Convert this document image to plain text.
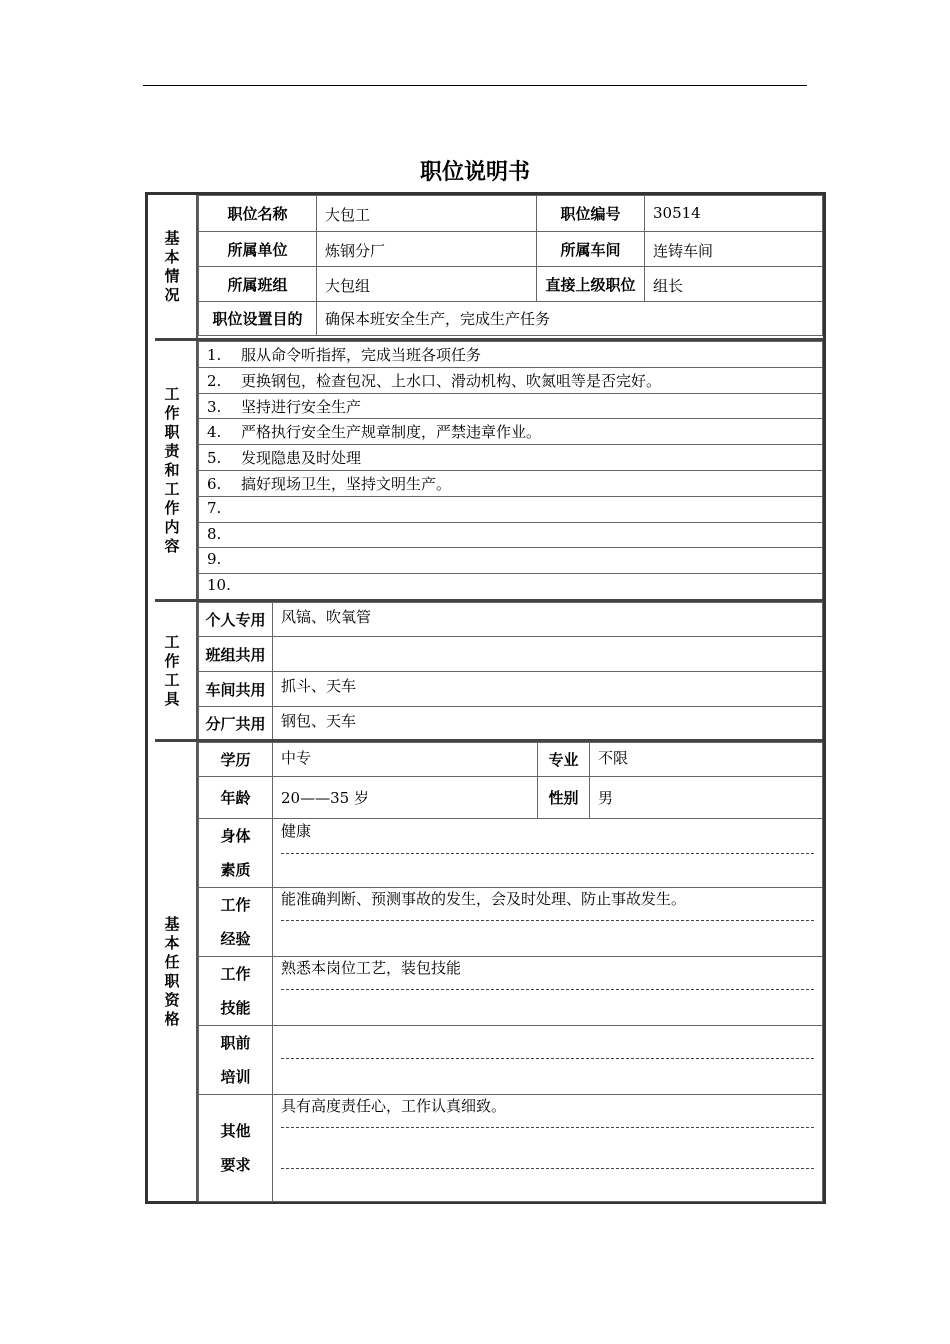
职位说明书
基本情况
职位名称	大包工	职位编号	30514
所属单位	炼钢分厂	所属车间	连铸车间
所属班组	大包组	直接上级职位	组长
职位设置目的	确保本班安全生产，完成生产任务		
工作职责和工作内容
1. 服从命令听指挥，完成当班各项任务
2. 更换钢包，检查包况、上水口、滑动机构、吹氮咀等是否完好。
3. 坚持进行安全生产
4. 严格执行安全生产规章制度，严禁违章作业。
5. 发现隐患及时处理
6. 搞好现场卫生，坚持文明生产。
7.
8.
9.
10.
工作工具
个人专用	风镐、吹氧管
班组共用	
车间共用	抓斗、天车
分厂共用	钢包、天车
基本 任职资格
学历	中专	专业	不限
年龄	20——35 岁	性别	男

身体
素质	健康		

工作
经验	能准确判断、预测事故的发生，会及时处理、防止事故发生。		

工作
技能	熟悉本岗位工艺，装包技能		

职前
培训			

其他
要求	具有高度责任心，工作认真细致。		
